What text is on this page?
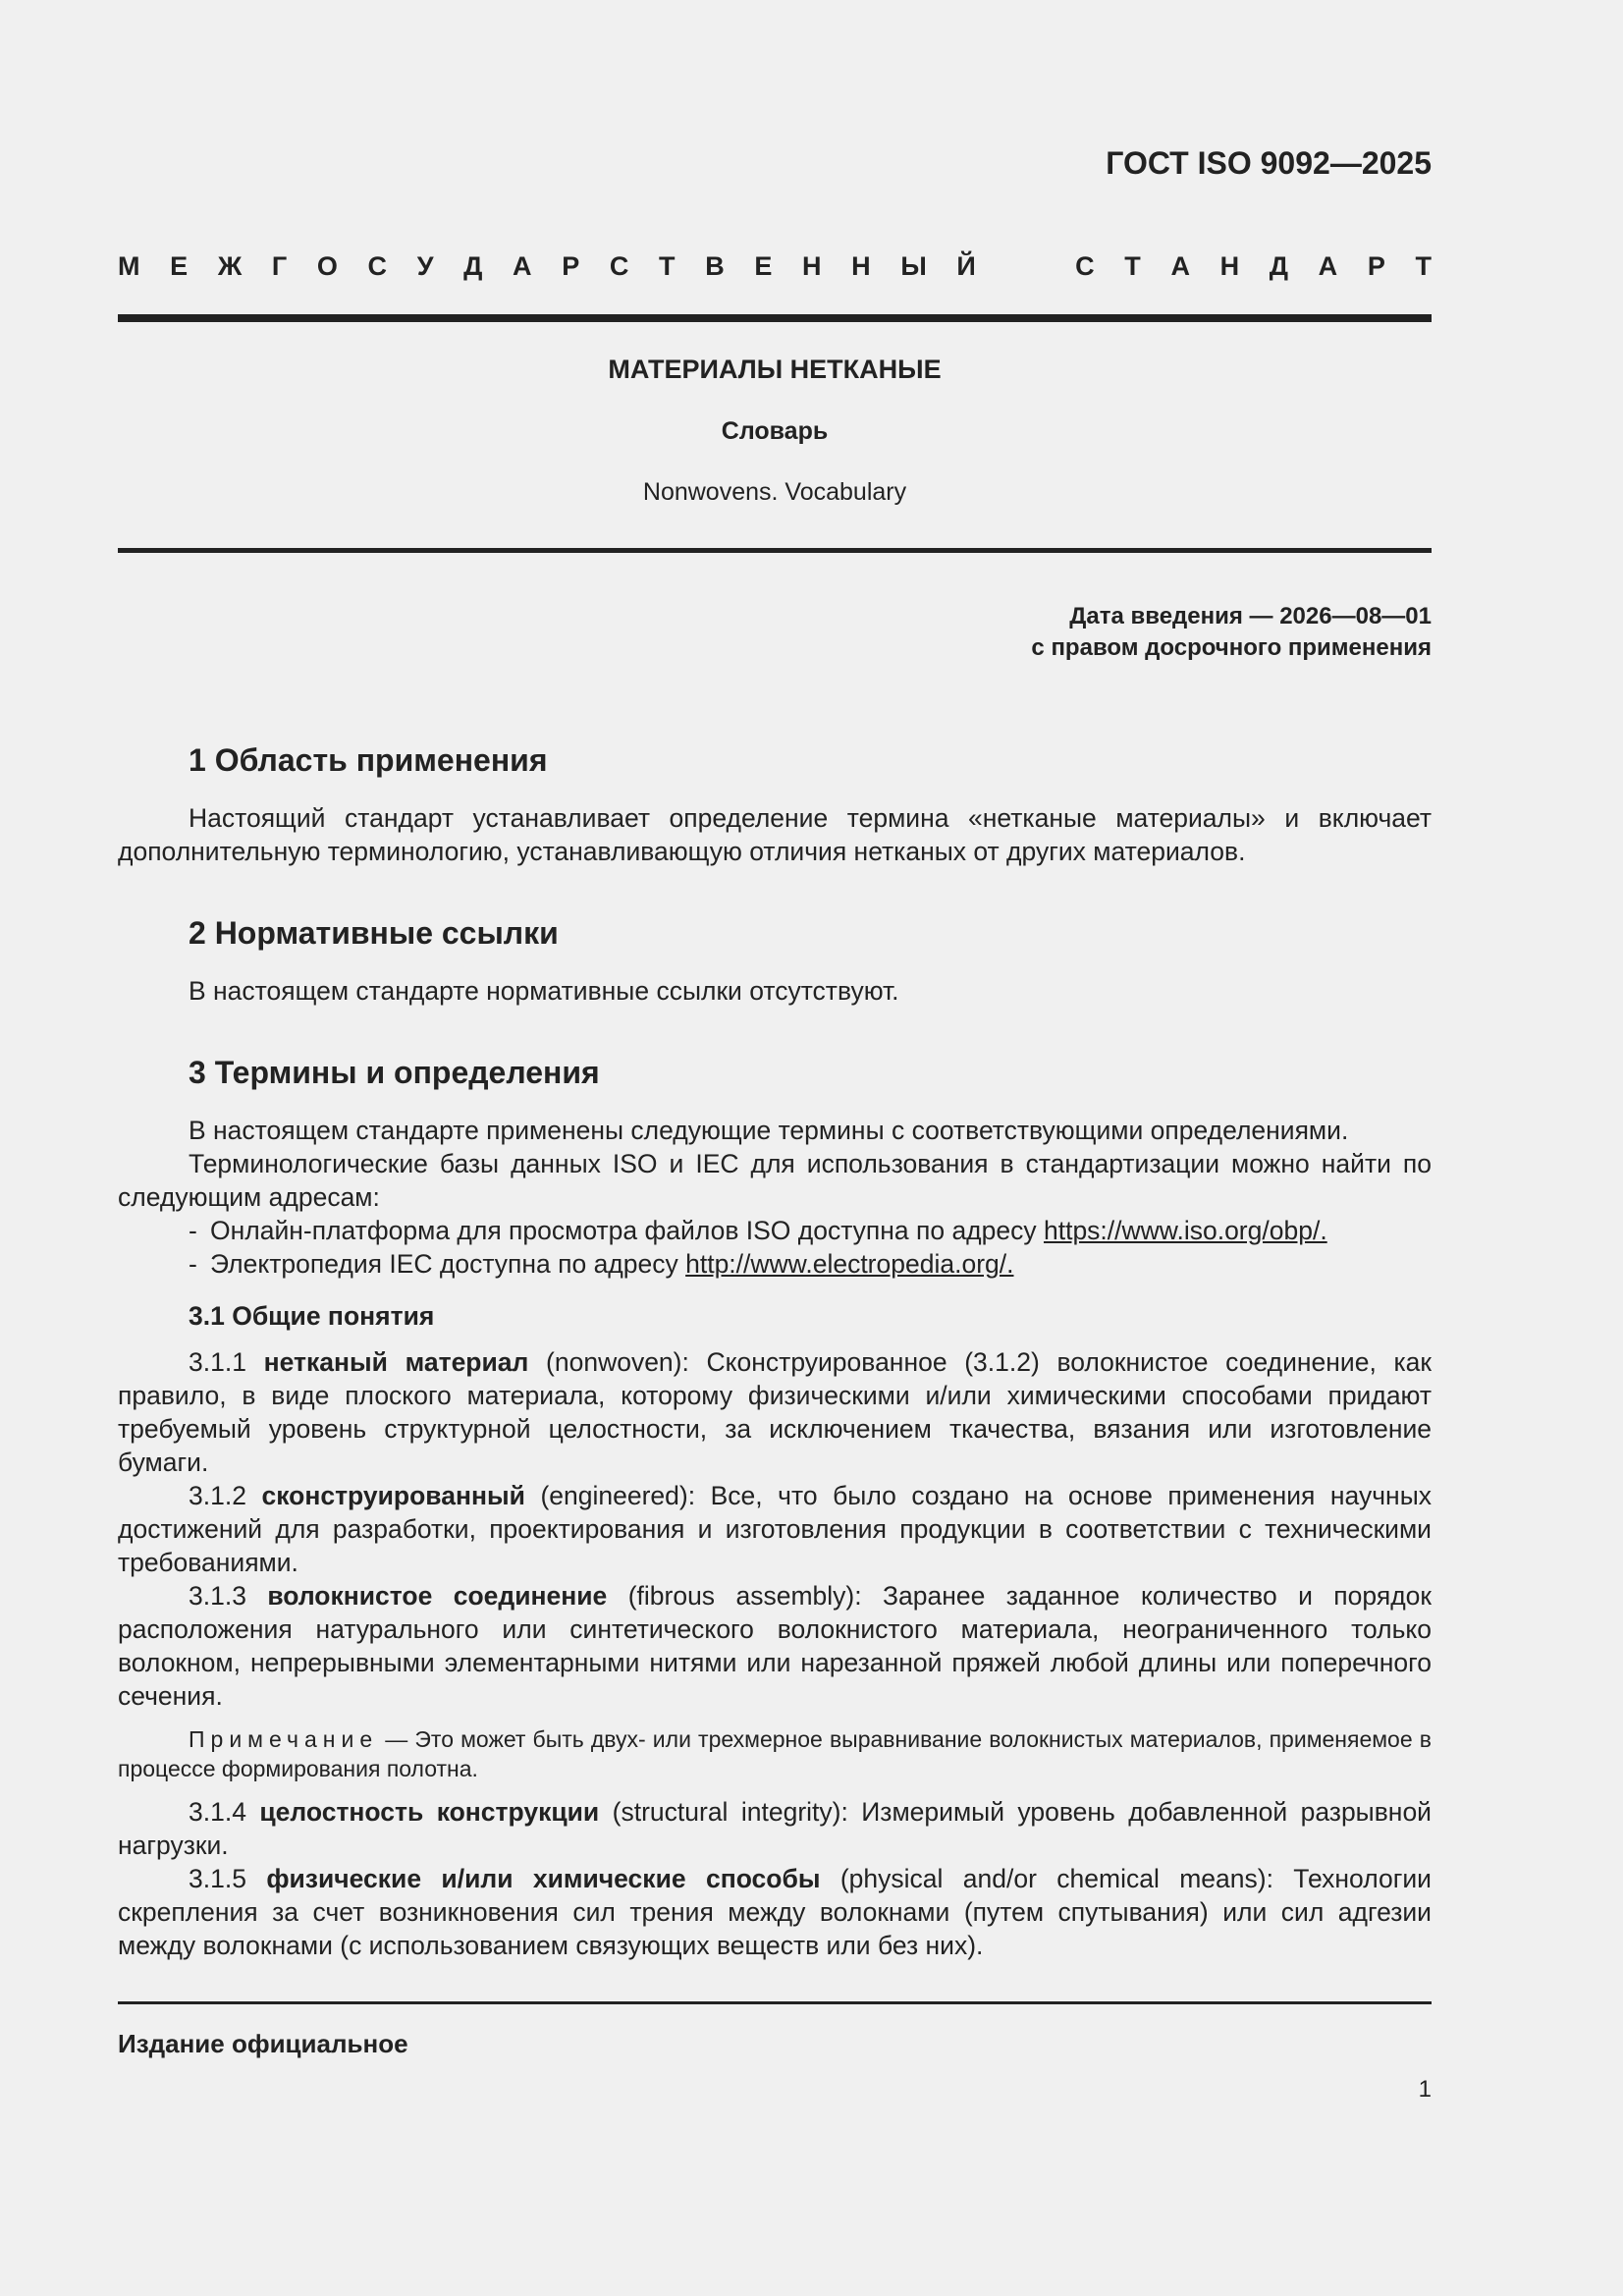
ГОСТ ISO 9092—2025
М Е Ж Г О С У Д А Р С Т В Е Н Н Ы Й	С Т А Н Д А Р Т
МАТЕРИАЛЫ НЕТКАНЫЕ
Словарь
Nonwovens. Vocabulary
Дата введения — 2026—08—01
с правом досрочного применения
1 Область применения

Настоящий стандарт устанавливает определение термина «нетканые материалы» и включает дополнительную терминологию, устанавливающую отличия нетканых от других материалов.

2 Нормативные ссылки

В настоящем стандарте нормативные ссылки отсутствуют.

3 Термины и определения

В настоящем стандарте применены следующие термины с соответствующими определениями.

Терминологические базы данных ISO и IEC для использования в стандартизации можно найти по следующим адресам:

- Онлайн-платформа для просмотра файлов ISO доступна по адресу https://www.iso.org/obp/.
- Электропедия IEC доступна по адресу http://www.electropedia.org/.
3.1 Общие понятия

3.1.1 нетканый материал (nonwoven): Сконструированное (3.1.2) волокнистое соединение, как правило, в виде плоского материала, которому физическими и/или химическими способами придают требуемый уровень структурной целостности, за исключением ткачества, вязания или изготовление бумаги.

3.1.2 сконструированный (engineered): Все, что было создано на основе применения научных достижений для разработки, проектирования и изготовления продукции в соответствии с техническими требованиями.

3.1.3 волокнистое соединение (fibrous assembly): Заранее заданное количество и порядок расположения натурального или синтетического волокнистого материала, неограниченного только волокном, непрерывными элементарными нитями или нарезанной пряжей любой длины или поперечного сечения.

Примечание — Это может быть двух- или трехмерное выравнивание волокнистых материалов, применяемое в процессе формирования полотна.

3.1.4 целостность конструкции (structural integrity): Измеримый уровень добавленной разрывной нагрузки.

3.1.5 физические и/или химические способы (physical and/or chemical means): Технологии скрепления за счет возникновения сил трения между волокнами (путем спутывания) или сил адгезии между волокнами (с использованием связующих веществ или без них).

Издание официальное
1
